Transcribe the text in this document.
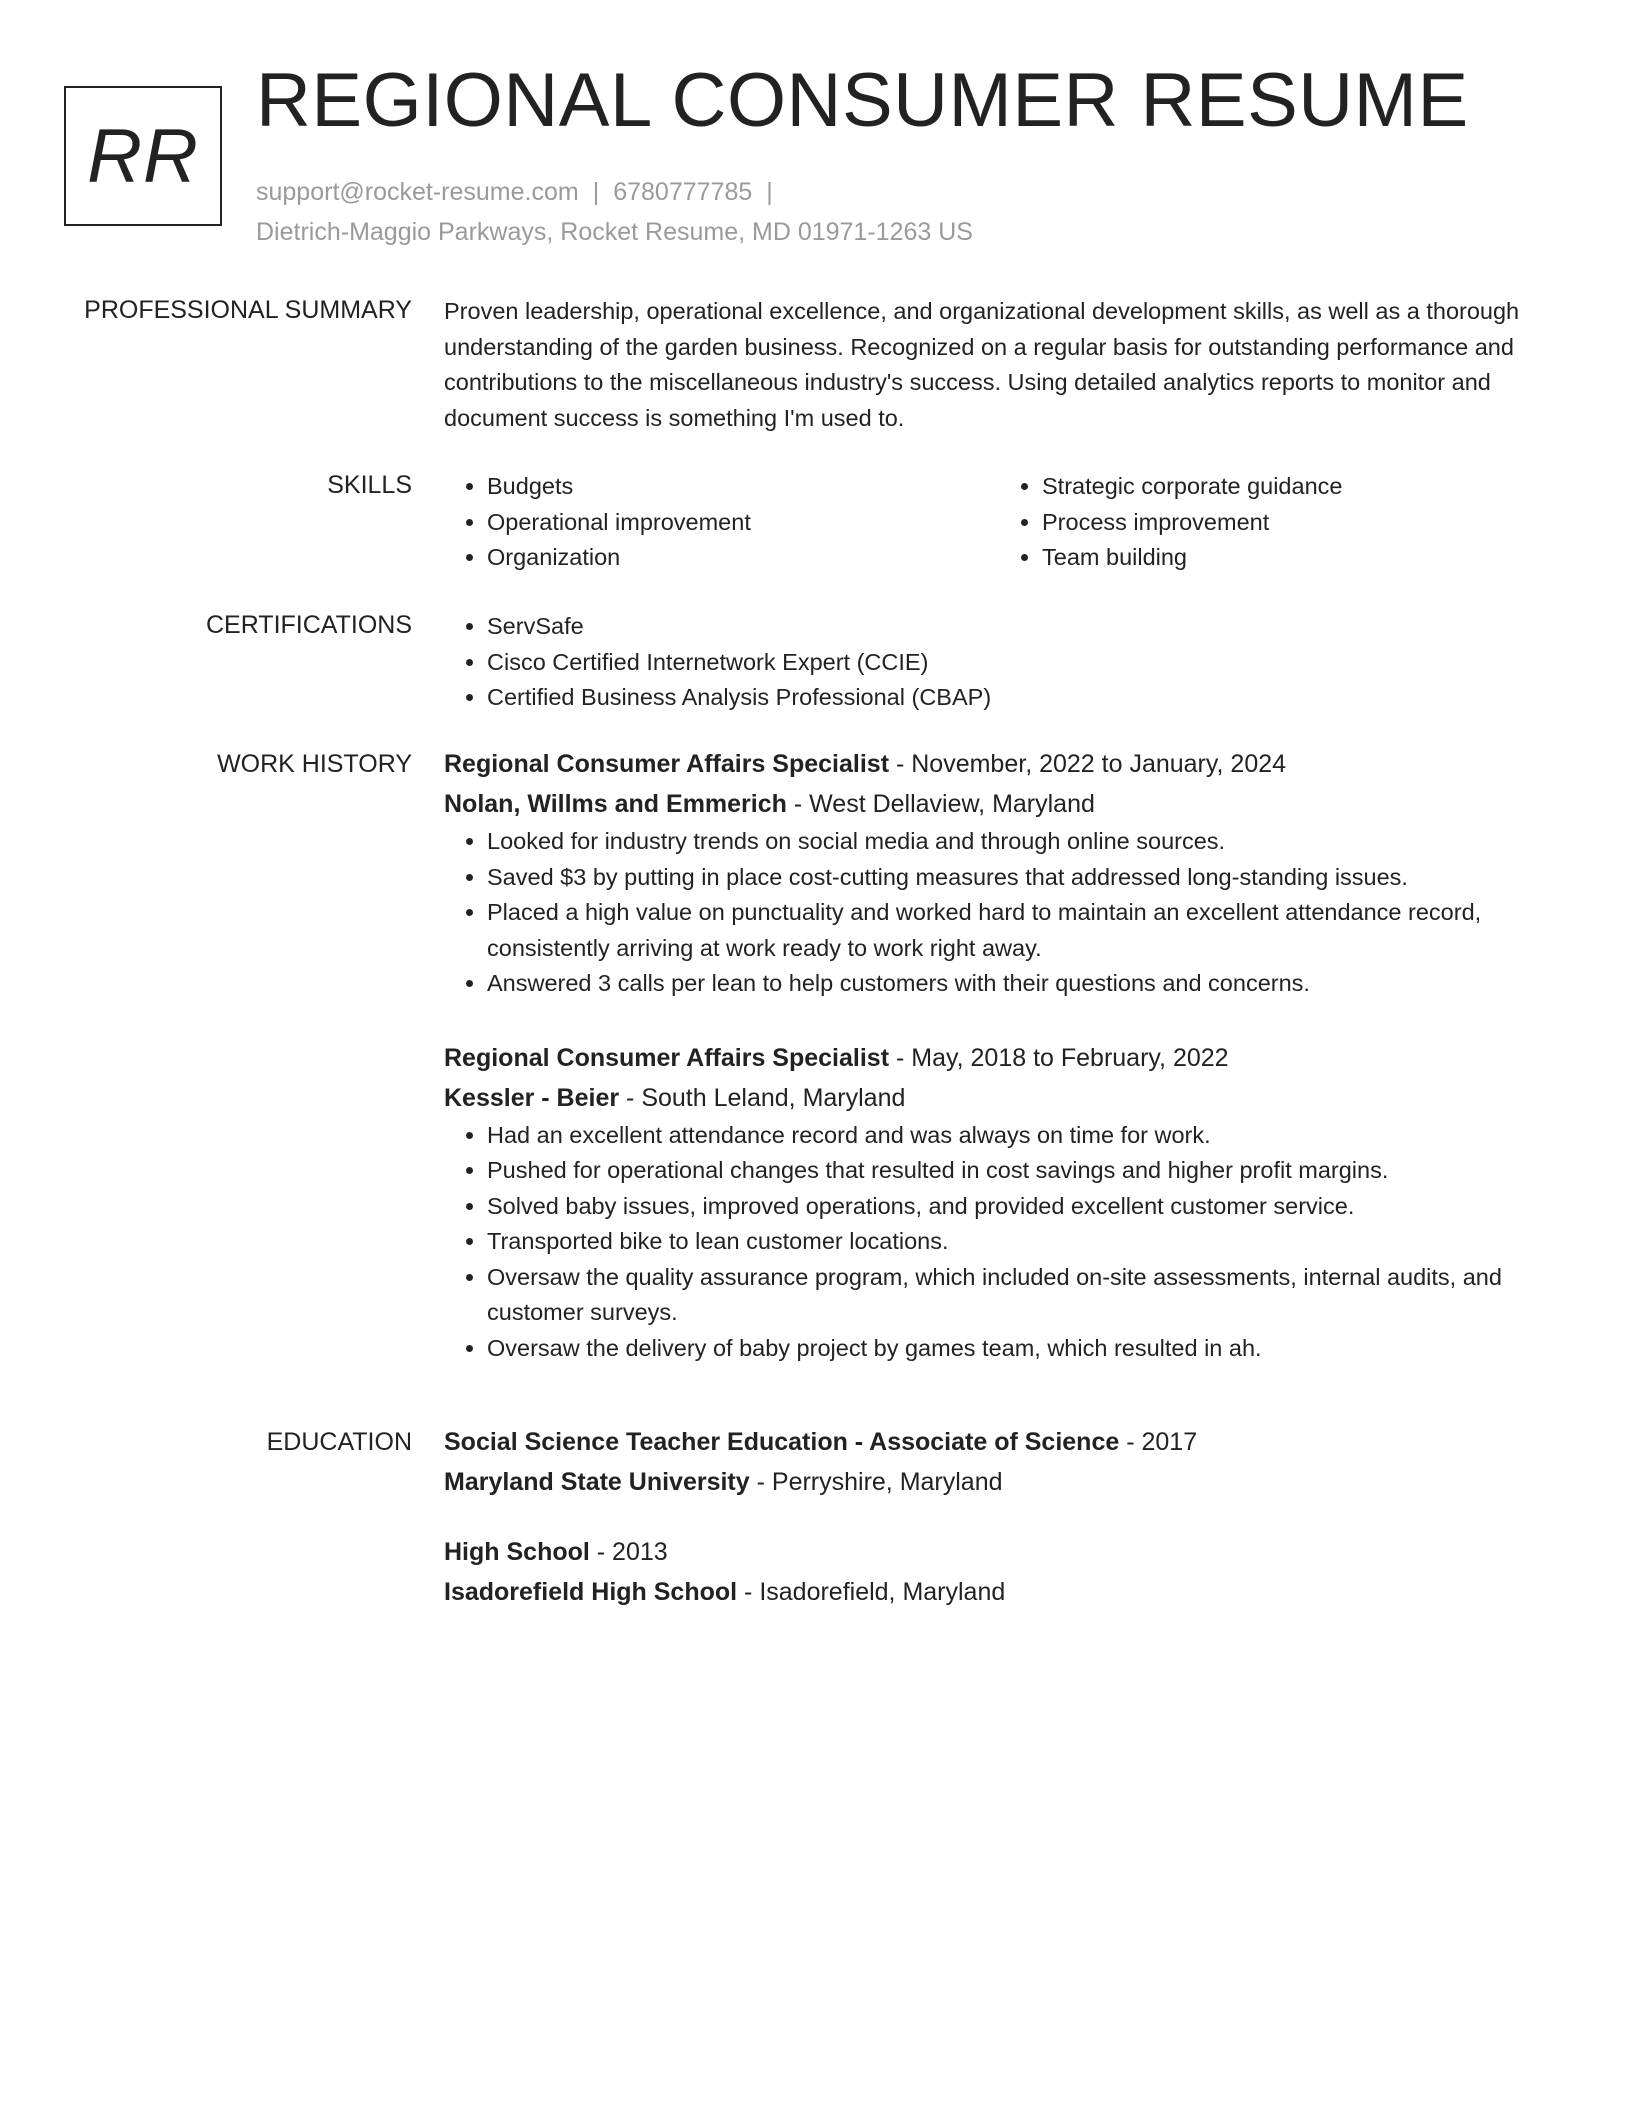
RR
REGIONAL CONSUMER RESUME
support@rocket-resume.com | 6780777785 |
Dietrich-Maggio Parkways, Rocket Resume, MD 01971-1263 US
PROFESSIONAL SUMMARY Proven leadership, operational excellence, and organizational development skills, as well as a thorough understanding of the garden business. Recognized on a regular basis for outstanding performance and contributions to the miscellaneous industry's success. Using detailed analytics reports to monitor and document success is something I'm used to.

SKILLS	• Budgets
• Operational improvement
• Organization
• Strategic corporate guidance
• Process improvement
• Team building
CERTIFICATIONS	• ServSafe
• Cisco Certified Internetwork Expert (CCIE)
• Certified Business Analysis Professional (CBAP)
WORK HISTORY Regional Consumer Affairs Specialist - November, 2022 to January, 2024
Nolan, Willms and Emmerich - West Dellaview, Maryland
• Looked for industry trends on social media and through online sources.
• Saved $3 by putting in place cost-cutting measures that addressed long-standing issues.
• Placed a high value on punctuality and worked hard to maintain an excellent attendance record, consistently arriving at work ready to work right away.
• Answered 3 calls per lean to help customers with their questions and concerns.
Regional Consumer Affairs Specialist - May, 2018 to February, 2022
Kessler - Beier - South Leland, Maryland
• Had an excellent attendance record and was always on time for work.
• Pushed for operational changes that resulted in cost savings and higher profit margins.
• Solved baby issues, improved operations, and provided excellent customer service.
• Transported bike to lean customer locations.
• Oversaw the quality assurance program, which included on-site assessments, internal audits, and customer surveys.
• Oversaw the delivery of baby project by games team, which resulted in ah.
EDUCATION Social Science Teacher Education - Associate of Science - 2017
Maryland State University - Perryshire, Maryland
High School - 2013
Isadorefield High School - Isadorefield, Maryland
